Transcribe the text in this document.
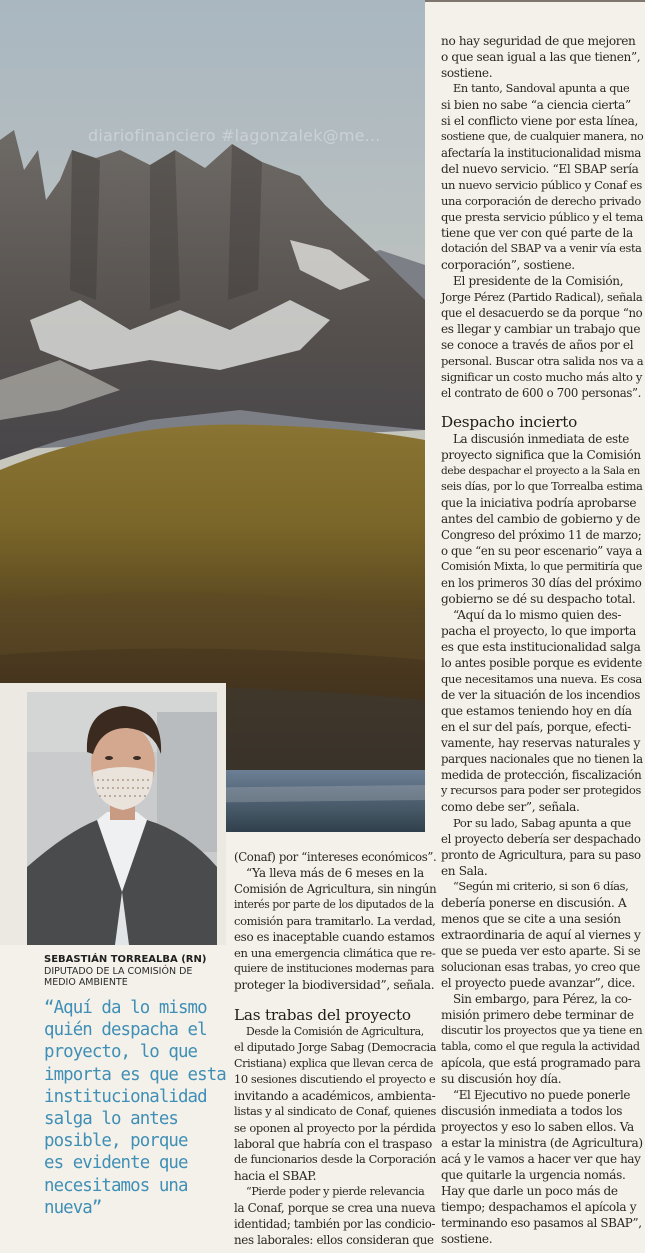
diariofinanciero #lagonzalek@me...
SEBASTIÁN TORREALBA (RN)
DIPUTADO DE LA COMISIÓN DE
MEDIO AMBIENTE
“Aquí da lo mismo
quién despacha el
proyecto, lo que
importa es que esta
institucionalidad
salga lo antes
posible, porque
es evidente que
necesitamos una
nueva”
(Conaf) por “intereses económicos”.
“Ya lleva más de 6 meses en la
Comisión de Agricultura, sin ningún
interés por parte de los diputados de la
comisión para tramitarlo. La verdad,
eso es inaceptable cuando estamos
en una emergencia climática que re-
quiere de instituciones modernas para
proteger la biodiversidad”, señala.
Las trabas del proyecto
Desde la Comisión de Agricultura,
el diputado Jorge Sabag (Democracia
Cristiana) explica que llevan cerca de
10 sesiones discutiendo el proyecto e
invitando a académicos, ambienta-
listas y al sindicato de Conaf, quienes
se oponen al proyecto por la pérdida
laboral que habría con el traspaso
de funcionarios desde la Corporación
hacia el SBAP.
“Pierde poder y pierde relevancia
la Conaf, porque se crea una nueva
identidad; también por las condicio-
nes laborales: ellos consideran que
no hay seguridad de que mejoren
o que sean igual a las que tienen”,
sostiene.
En tanto, Sandoval apunta a que
si bien no sabe “a ciencia cierta”
si el conflicto viene por esta línea,
sostiene que, de cualquier manera, no
afectaría la institucionalidad misma
del nuevo servicio. “El SBAP sería
un nuevo servicio público y Conaf es
una corporación de derecho privado
que presta servicio público y el tema
tiene que ver con qué parte de la
dotación del SBAP va a venir vía esta
corporación”, sostiene.
El presidente de la Comisión,
Jorge Pérez (Partido Radical), señala
que el desacuerdo se da porque “no
es llegar y cambiar un trabajo que
se conoce a través de años por el
personal. Buscar otra salida nos va a
significar un costo mucho más alto y
el contrato de 600 o 700 personas”.
Despacho incierto
La discusión inmediata de este
proyecto significa que la Comisión
debe despachar el proyecto a la Sala en
seis días, por lo que Torrealba estima
que la iniciativa podría aprobarse
antes del cambio de gobierno y de
Congreso del próximo 11 de marzo;
o que “en su peor escenario” vaya a
Comisión Mixta, lo que permitiría que
en los primeros 30 días del próximo
gobierno se dé su despacho total.
“Aquí da lo mismo quien des-
pacha el proyecto, lo que importa
es que esta institucionalidad salga
lo antes posible porque es evidente
que necesitamos una nueva. Es cosa
de ver la situación de los incendios
que estamos teniendo hoy en día
en el sur del país, porque, efecti-
vamente, hay reservas naturales y
parques nacionales que no tienen la
medida de protección, fiscalización
y recursos para poder ser protegidos
como debe ser”, señala.
Por su lado, Sabag apunta a que
el proyecto debería ser despachado
pronto de Agricultura, para su paso
en Sala.
“Según mi criterio, si son 6 días,
debería ponerse en discusión. A
menos que se cite a una sesión
extraordinaria de aquí al viernes y
que se pueda ver esto aparte. Si se
solucionan esas trabas, yo creo que
el proyecto puede avanzar”, dice.
Sin embargo, para Pérez, la co-
misión primero debe terminar de
discutir los proyectos que ya tiene en
tabla, como el que regula la actividad
apícola, que está programado para
su discusión hoy día.
“El Ejecutivo no puede ponerle
discusión inmediata a todos los
proyectos y eso lo saben ellos. Va
a estar la ministra (de Agricultura)
acá y le vamos a hacer ver que hay
que quitarle la urgencia nomás.
Hay que darle un poco más de
tiempo; despachamos el apícola y
terminando eso pasamos al SBAP”,
sostiene.
